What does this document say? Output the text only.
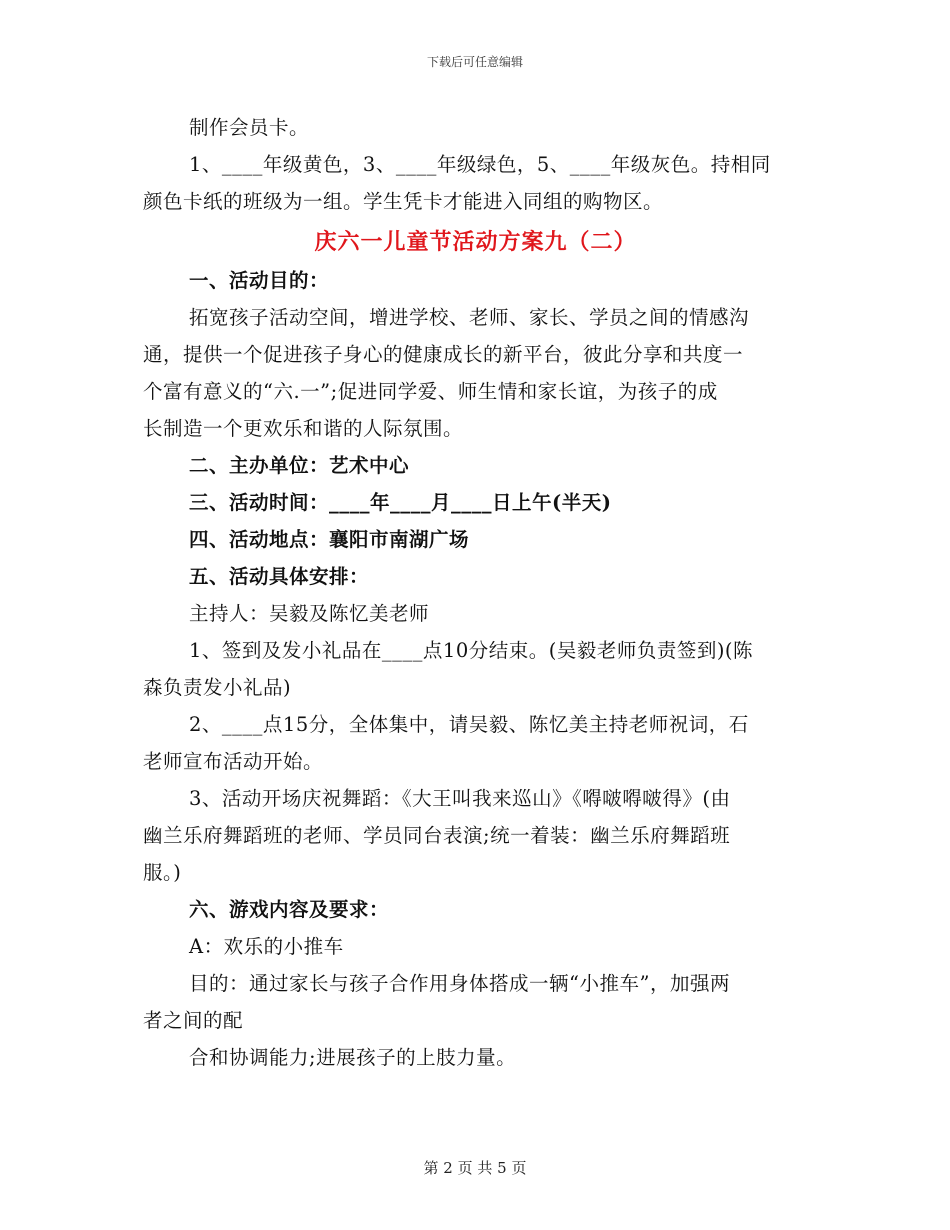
下载后可任意编辑
制作会员卡。
1、____年级黄色，3、____年级绿色，5、____年级灰色。持相同
颜色卡纸的班级为一组。学生凭卡才能进入同组的购物区。
庆六一儿童节活动方案九（二）
一、活动目的：
拓宽孩子活动空间，增进学校、老师、家长、学员之间的情感沟
通，提供一个促进孩子身心的健康成长的新平台，彼此分享和共度一
个富有意义的“六.一”;促进同学爱、师生情和家长谊，为孩子的成
长制造一个更欢乐和谐的人际氛围。
二、主办单位：艺术中心
三、活动时间：____年____月____日上午(半天)
四、活动地点：襄阳市南湖广场
五、活动具体安排：
主持人：吴毅及陈忆美老师
1、签到及发小礼品在____点10分结束。(吴毅老师负责签到)(陈
森负责发小礼品)
2、____点15分，全体集中，请吴毅、陈忆美主持老师祝词，石
老师宣布活动开始。
3、活动开场庆祝舞蹈：《大王叫我来巡山》《嘚啵嘚啵得》(由
幽兰乐府舞蹈班的老师、学员同台表演;统一着装：幽兰乐府舞蹈班
服。)
六、游戏内容及要求：
A：欢乐的小推车
目的：通过家长与孩子合作用身体搭成一辆“小推车”，加强两
者之间的配
合和协调能力;进展孩子的上肢力量。
第 2 页 共 5 页
